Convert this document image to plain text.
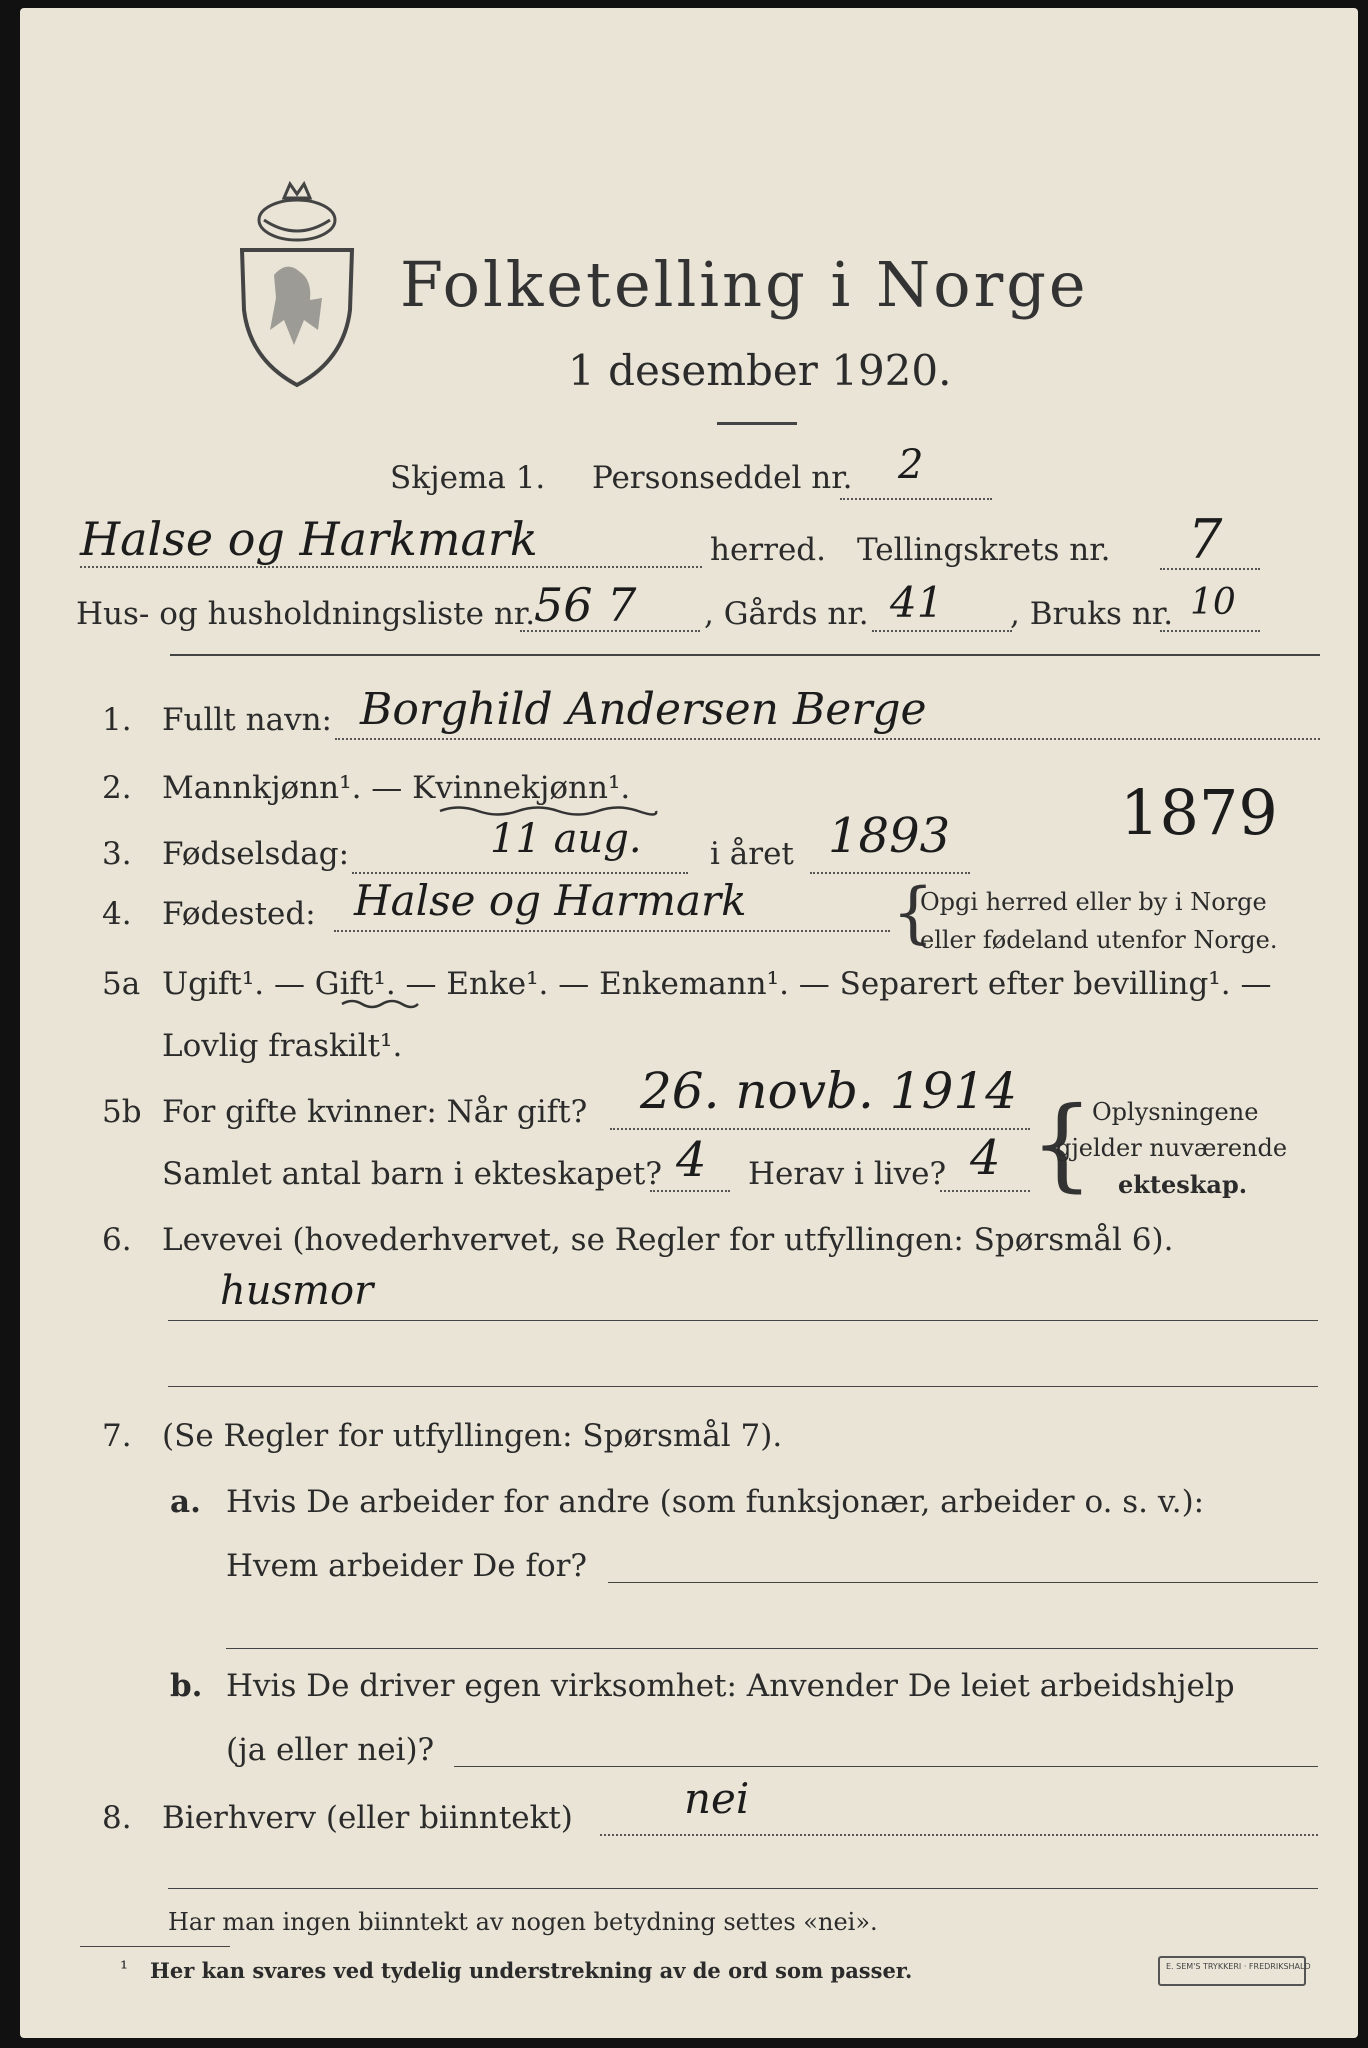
Folketelling i Norge
1 desember 1920.
Skjema 1. Personseddel nr. 2
Halse og Harkmark	herred. Tellingskrets nr. 7
Hus- og husholdningsliste nr.
56 7 , Gårds nr. 41 , Bruks nr. 10
1. Fullt navn: Borghild Andersen Berge
2. Mannkjønn¹. — Kvinnekjønn¹.
3. Fødselsdag:	11 aug. i året 1893	1879
4. Fødested: Halse og Harmark {
Opgi herred eller by i Norge
eller fødeland utenfor Norge.
5a Ugift¹. — Gift¹. — Enke¹. — Enkemann¹. — Separert efter bevilling¹. —
Lovlig fraskilt¹.
5b For gifte kvinner: Når gift? 26. novb. 1914
Samlet antal barn i ekteskapet? 4 Herav i live? 4 {
Oplysningene
gjelder nuværende
ekteskap.
6. Levevei (hovederhvervet, se Regler for utfyllingen: Spørsmål 6).
husmor
7. (Se Regler for utfyllingen: Spørsmål 7).
a. Hvis De arbeider for andre (som funksjonær, arbeider o. s. v.):
Hvem arbeider De for?
b. Hvis De driver egen virksomhet: Anvender De leiet arbeidshjelp
(ja eller nei)?
8. Bierhverv (eller biinntekt)	nei
Har man ingen biinntekt av nogen betydning settes «nei».
¹ Her kan svares ved tydelig understrekning av de ord som passer.	E. SEM'S TRYKKERI · FREDRIKSHALD
